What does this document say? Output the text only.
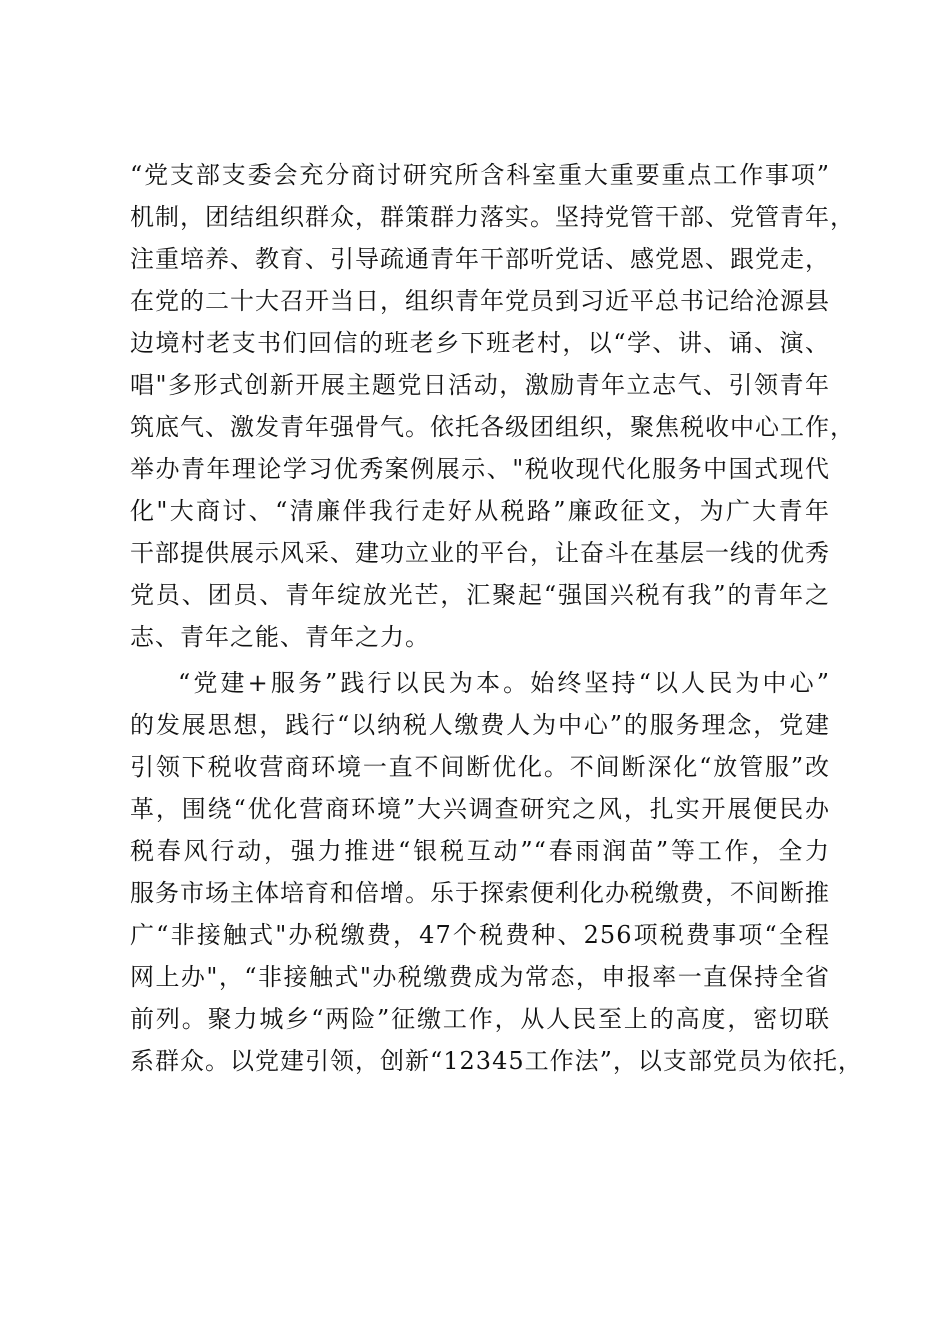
“党支部支委会充分商讨研究所含科室重大重要重点工作事项”
机制，团结组织群众，群策群力落实。坚持党管干部、党管青年，
注重培养、教育、引导疏通青年干部听党话、感党恩、跟党走，
在党的二十大召开当日，组织青年党员到习近平总书记给沧源县
边境村老支书们回信的班老乡下班老村，以“学、讲、诵、演、
唱"多形式创新开展主题党日活动，激励青年立志气、引领青年
筑底气、激发青年强骨气。依托各级团组织，聚焦税收中心工作，
举办青年理论学习优秀案例展示、"税收现代化服务中国式现代
化"大商讨、“清廉伴我行走好从税路”廉政征文，为广大青年
干部提供展示风采、建功立业的平台，让奋斗在基层一线的优秀
党员、团员、青年绽放光芒，汇聚起“强国兴税有我”的青年之
志、青年之能、青年之力。
“党建+服务”践行以民为本。始终坚持“以人民为中心”
的发展思想，践行“以纳税人缴费人为中心”的服务理念，党建
引领下税收营商环境一直不间断优化。不间断深化“放管服”改
革，围绕“优化营商环境”大兴调查研究之风，扎实开展便民办
税春风行动，强力推进“银税互动”“春雨润苗”等工作，全力
服务市场主体培育和倍增。乐于探索便利化办税缴费，不间断推
广“非接触式"办税缴费，47个税费种、256项税费事项“全程
网上办"，“非接触式"办税缴费成为常态，申报率一直保持全省
前列。聚力城乡“两险”征缴工作，从人民至上的高度，密切联
系群众。以党建引领，创新“12345工作法”，以支部党员为依托，
